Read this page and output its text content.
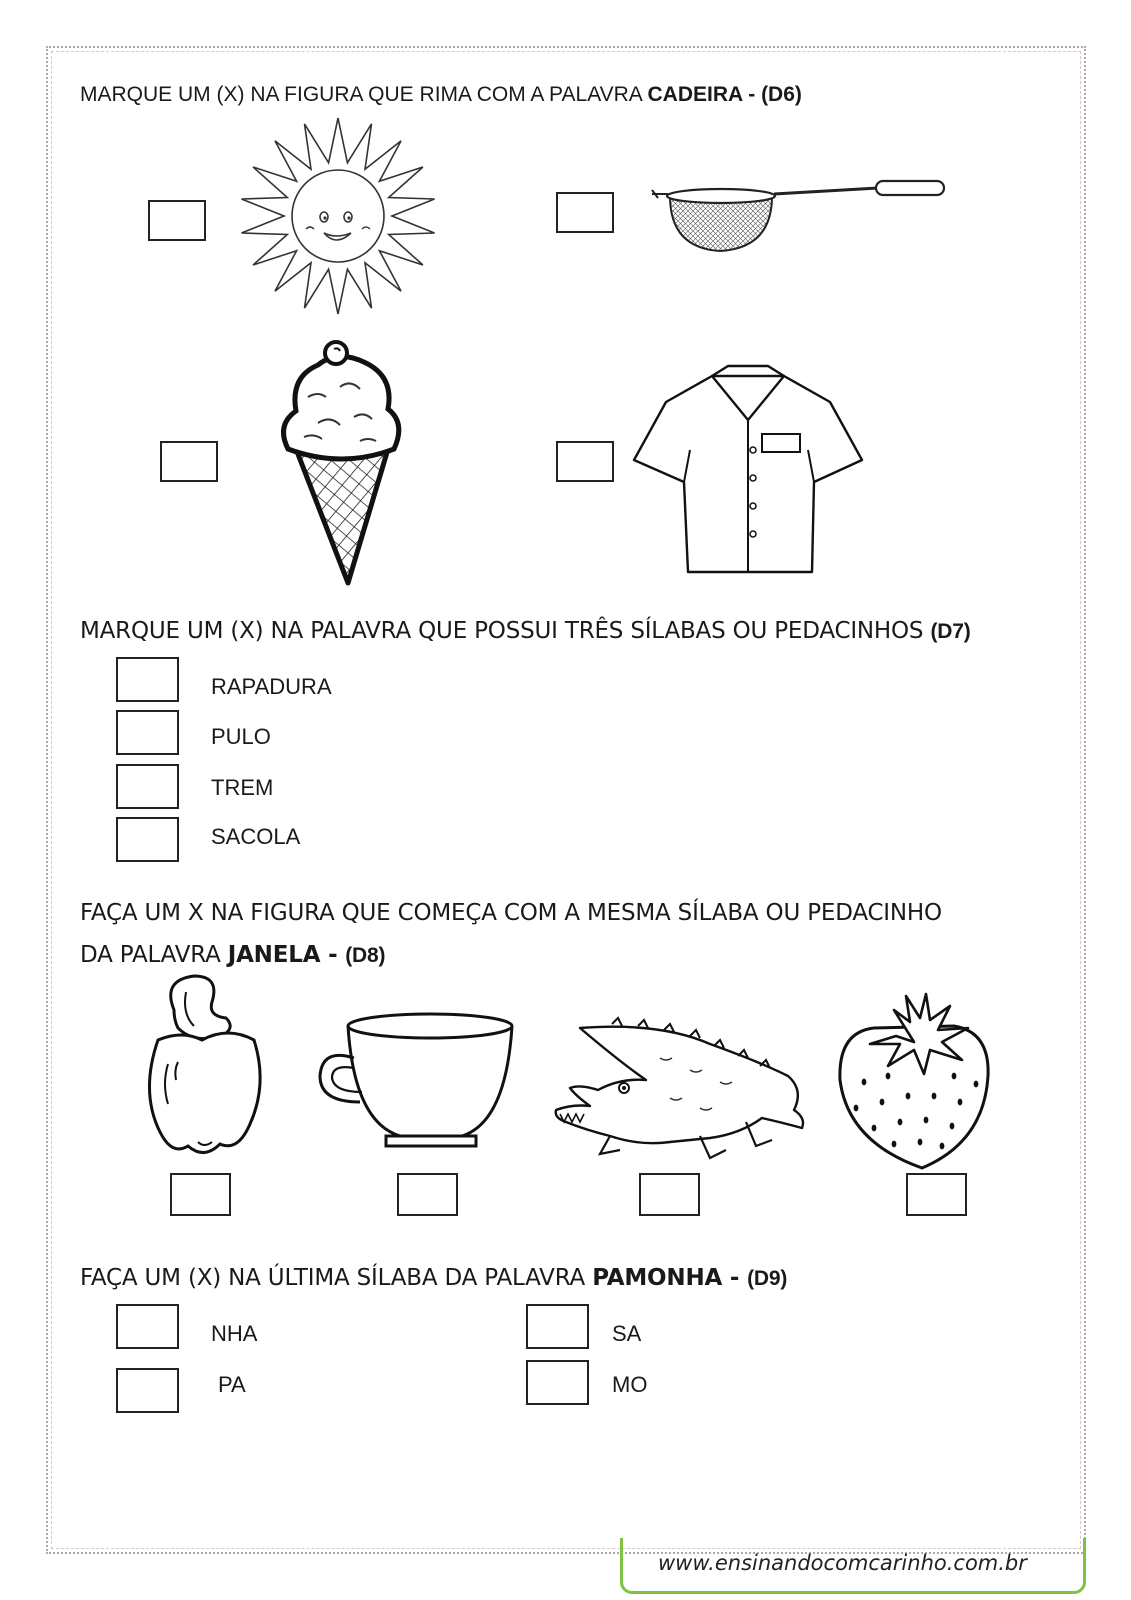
MARQUE UM (X) NA FIGURA QUE RIMA COM A PALAVRA CADEIRA - (D6)
MARQUE UM (X) NA PALAVRA QUE POSSUI TRÊS SÍLABAS OU PEDACINHOS (D7)
RAPADURA
PULO
TREM
SACOLA
FAÇA UM X NA FIGURA QUE COMEÇA COM A MESMA SÍLABA OU PEDACINHO
DA PALAVRA JANELA - (D8)
FAÇA UM (X) NA ÚLTIMA SÍLABA DA PALAVRA PAMONHA - (D9)
NHA
PA
SA
MO
www.ensinandocomcarinho.com.br
